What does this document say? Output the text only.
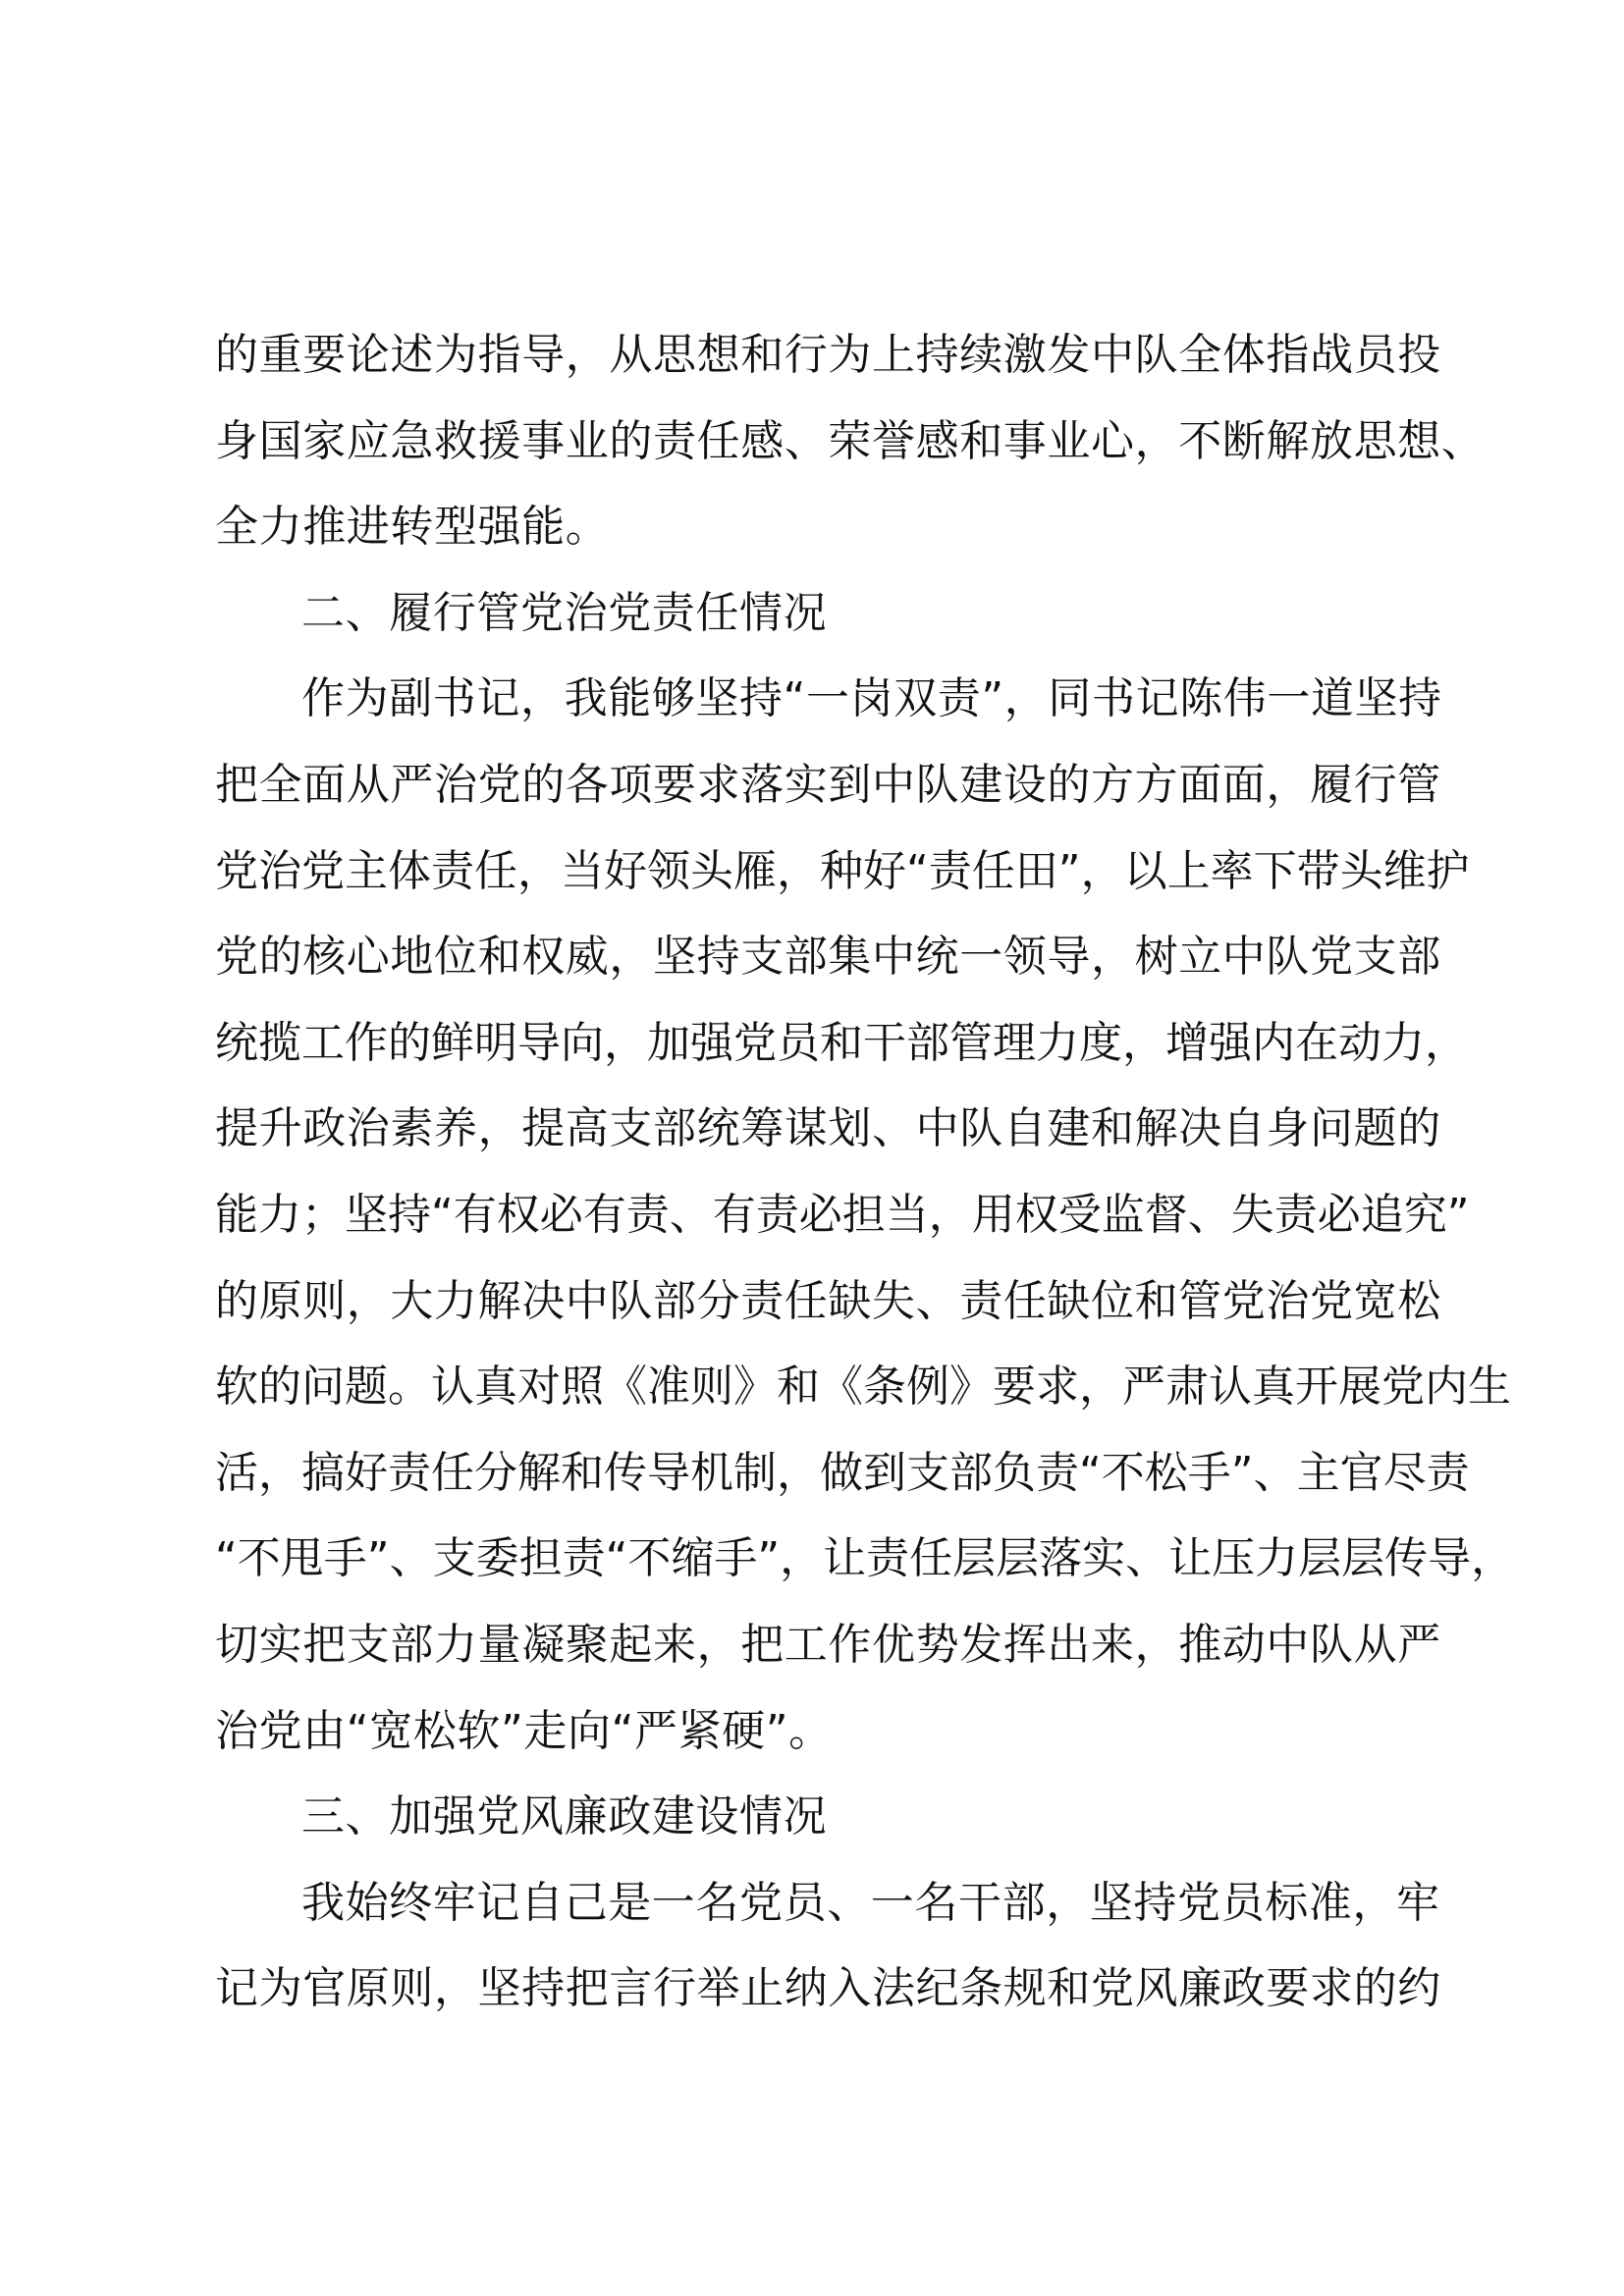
的重要论述为指导，从思想和行为上持续激发中队全体指战员投
身国家应急救援事业的责任感、荣誉感和事业心，不断解放思想、
全力推进转型强能。
二、履行管党治党责任情况
作为副书记，我能够坚持“一岗双责”，同书记陈伟一道坚持
把全面从严治党的各项要求落实到中队建设的方方面面，履行管
党治党主体责任，当好领头雁，种好“责任田”，以上率下带头维护
党的核心地位和权威，坚持支部集中统一领导，树立中队党支部
统揽工作的鲜明导向，加强党员和干部管理力度，增强内在动力，
提升政治素养，提高支部统筹谋划、中队自建和解决自身问题的
能力；坚持“有权必有责、有责必担当，用权受监督、失责必追究”
的原则，大力解决中队部分责任缺失、责任缺位和管党治党宽松
软的问题。认真对照《准则》和《条例》要求，严肃认真开展党内生
活，搞好责任分解和传导机制，做到支部负责“不松手”、主官尽责
“不甩手”、支委担责“不缩手”，让责任层层落实、让压力层层传导，
切实把支部力量凝聚起来，把工作优势发挥出来，推动中队从严
治党由“宽松软”走向“严紧硬”。
三、加强党风廉政建设情况
我始终牢记自己是一名党员、一名干部，坚持党员标准，牢
记为官原则，坚持把言行举止纳入法纪条规和党风廉政要求的约
